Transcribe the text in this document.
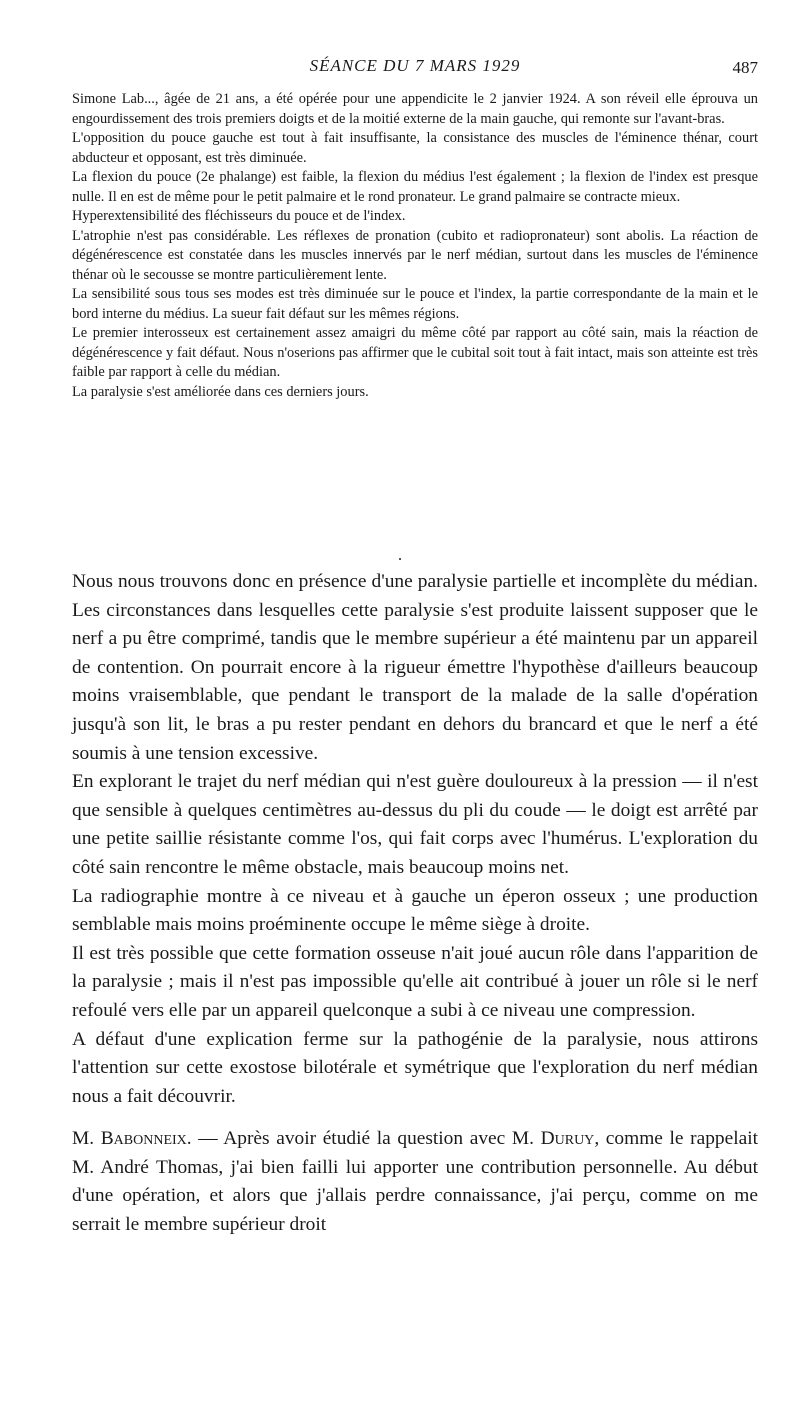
SÉANCE DU 7 MARS 1929	487

Simone Lab..., âgée de 21 ans, a été opérée pour une appendicite le 2 janvier 1924. A son réveil elle éprouva un engourdissement des trois premiers doigts et de la moitié externe de la main gauche, qui remonte sur l'avant-bras.

L'opposition du pouce gauche est tout à fait insuffisante, la consistance des muscles de l'éminence thénar, court abducteur et opposant, est très diminuée.

La flexion du pouce (2e phalange) est faible, la flexion du médius l'est également ; la flexion de l'index est presque nulle. Il en est de même pour le petit palmaire et le rond pronateur. Le grand palmaire se contracte mieux.

Hyperextensibilité des fléchisseurs du pouce et de l'index.

L'atrophie n'est pas considérable. Les réflexes de pronation (cubito et radiopronateur) sont abolis. La réaction de dégénérescence est constatée dans les muscles innervés par le nerf médian, surtout dans les muscles de l'éminence thénar où le secousse se montre particulièrement lente.

La sensibilité sous tous ses modes est très diminuée sur le pouce et l'index, la partie correspondante de la main et le bord interne du médius. La sueur fait défaut sur les mêmes régions.

Le premier interosseux est certainement assez amaigri du même côté par rapport au côté sain, mais la réaction de dégénérescence y fait défaut. Nous n'oserions pas affirmer que le cubital soit tout à fait intact, mais son atteinte est très faible par rapport à celle du médian.

La paralysie s'est améliorée dans ces derniers jours.

•

Nous nous trouvons donc en présence d'une paralysie partielle et incomplète du médian. Les circonstances dans lesquelles cette paralysie s'est produite laissent supposer que le nerf a pu être comprimé, tandis que le membre supérieur a été maintenu par un appareil de contention. On pourrait encore à la rigueur émettre l'hypothèse d'ailleurs beaucoup moins vraisemblable, que pendant le transport de la malade de la salle d'opération jusqu'à son lit, le bras a pu rester pendant en dehors du brancard et que le nerf a été soumis à une tension excessive.

En explorant le trajet du nerf médian qui n'est guère douloureux à la pression — il n'est que sensible à quelques centimètres au-dessus du pli du coude — le doigt est arrêté par une petite saillie résistante comme l'os, qui fait corps avec l'humérus. L'exploration du côté sain rencontre le même obstacle, mais beaucoup moins net.

La radiographie montre à ce niveau et à gauche un éperon osseux ; une production semblable mais moins proéminente occupe le même siège à droite.

Il est très possible que cette formation osseuse n'ait joué aucun rôle dans l'apparition de la paralysie ; mais il n'est pas impossible qu'elle ait contribué à jouer un rôle si le nerf refoulé vers elle par un appareil quelconque a subi à ce niveau une compression.

A défaut d'une explication ferme sur la pathogénie de la paralysie, nous attirons l'attention sur cette exostose bilotérale et symétrique que l'exploration du nerf médian nous a fait découvrir.

M. Babonneix. — Après avoir étudié la question avec M. Duruy, comme le rappelait M. André Thomas, j'ai bien failli lui apporter une contribution personnelle. Au début d'une opération, et alors que j'allais perdre connaissance, j'ai perçu, comme on me serrait le membre supérieur droit
